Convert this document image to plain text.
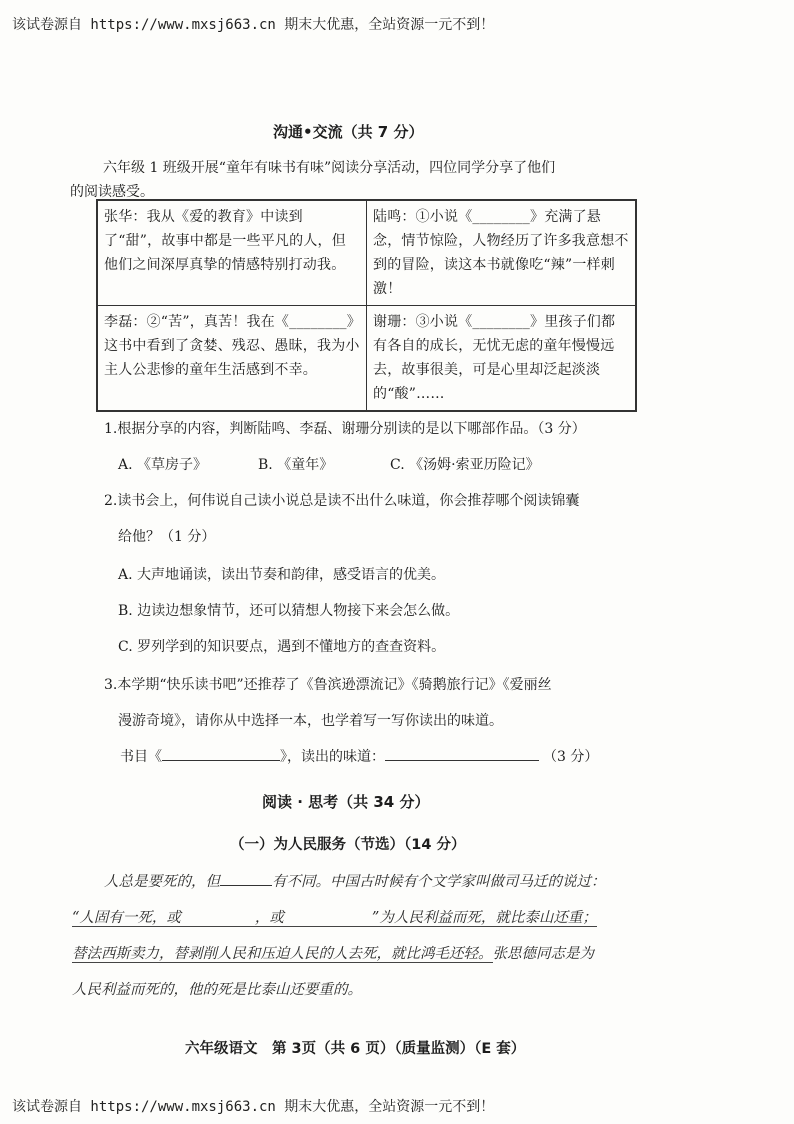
该试卷源自 https://www.mxsj663.cn 期末大优惠，全站资源一元不到！
沟通•交流（共 7 分）
六年级 1 班级开展“童年有味书有味”阅读分享活动，四位同学分享了他们
的阅读感受。
张华：我从《爱的教育》中读到了“甜”，故事中都是一些平凡的人，但他们之间深厚真挚的情感特别打动我。	陆鸣：①小说《________》充满了悬念，情节惊险，人物经历了许多我意想不到的冒险，读这本书就像吃“辣”一样刺激！

李磊：②“苦”，真苦！我在《________》这书中看到了贪婪、残忍、愚昧，我为小主人公悲惨的童年生活感到不幸。	谢珊：③小说《________》里孩子们都有各自的成长，无忧无虑的童年慢慢远去，故事很美，可是心里却泛起淡淡的“酸”……
1.根据分享的内容，判断陆鸣、李磊、谢珊分别读的是以下哪部作品。（3 分）
A. 《草房子》	B. 《童年》	C. 《汤姆·索亚历险记》
2.读书会上，何伟说自己读小说总是读不出什么味道，你会推荐哪个阅读锦囊
给他？（1 分）
A. 大声地诵读，读出节奏和韵律，感受语言的优美。
B. 边读边想象情节，还可以猜想人物接下来会怎么做。
C. 罗列学到的知识要点，遇到不懂地方的查查资料。
3.本学期“快乐读书吧”还推荐了《鲁滨逊漂流记》《骑鹅旅行记》《爱丽丝
漫游奇境》，请你从中选择一本，也学着写一写你读出的味道。
书目《	》，读出的味道：	（3 分）
阅读 · 思考（共 34 分）
（一）为人民服务（节选）（14 分）
人总是要死的，但	有不同。中国古时候有个文学家叫做司马迁的说过：
“人固有一死，或	，或	”为人民利益而死，就比泰山还重；
替法西斯卖力，替剥削人民和压迫人民的人去死，就比鸿毛还轻。张思德同志是为
人民利益而死的，他的死是比泰山还要重的。
六年级语文　第 3页（共 6 页）（质量监测）（E 套）
该试卷源自 https://www.mxsj663.cn 期末大优惠，全站资源一元不到！
